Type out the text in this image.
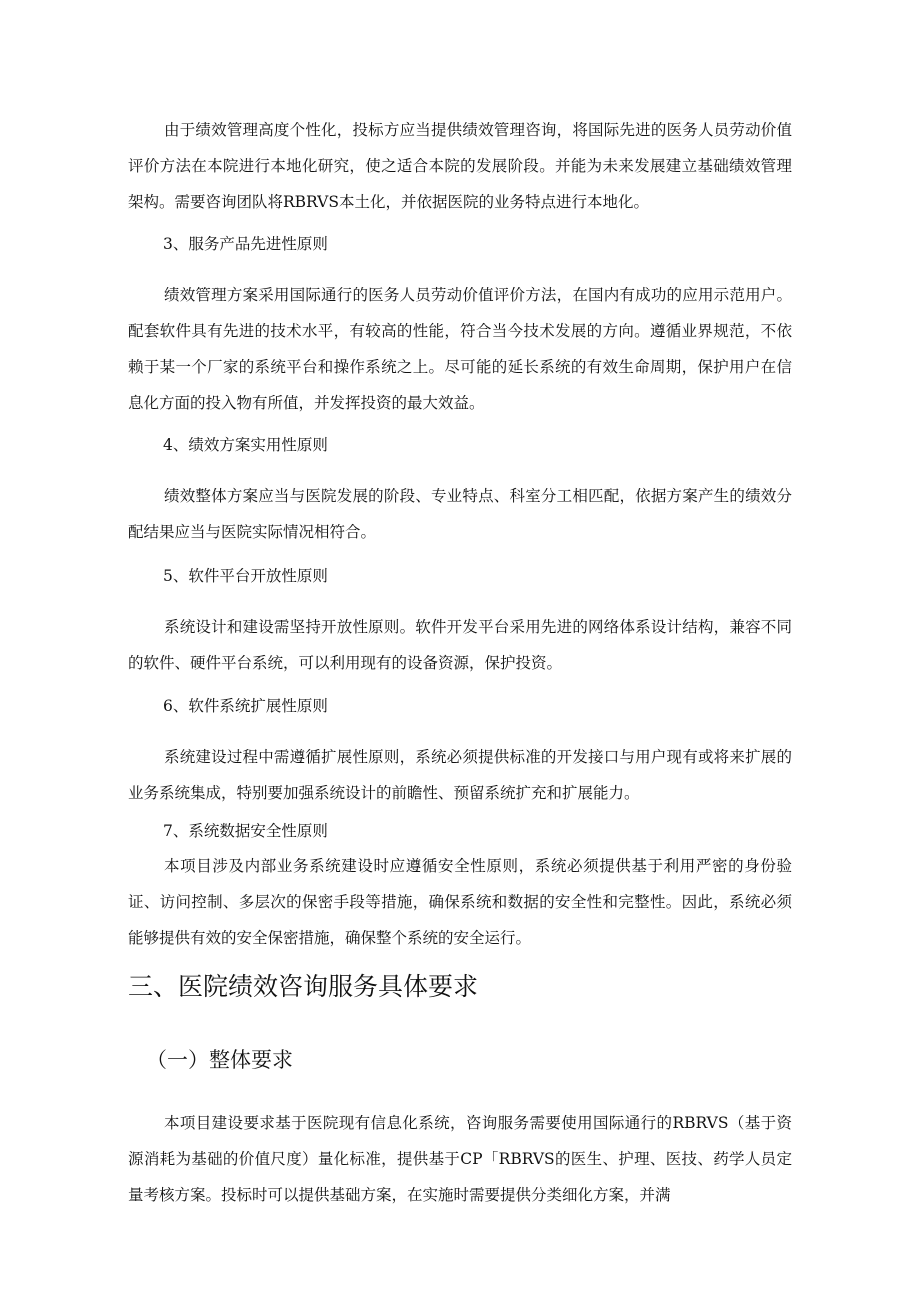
由于绩效管理高度个性化，投标方应当提供绩效管理咨询，将国际先进的医务人员劳动价值评价方法在本院进行本地化研究，使之适合本院的发展阶段。并能为未来发展建立基础绩效管理架构。需要咨询团队将RBRVS本土化，并依据医院的业务特点进行本地化。

3、服务产品先进性原则

绩效管理方案采用国际通行的医务人员劳动价值评价方法，在国内有成功的应用示范用户。配套软件具有先进的技术水平，有较高的性能，符合当今技术发展的方向。遵循业界规范，不依赖于某一个厂家的系统平台和操作系统之上。尽可能的延长系统的有效生命周期，保护用户在信息化方面的投入物有所值，并发挥投资的最大效益。

4、绩效方案实用性原则

绩效整体方案应当与医院发展的阶段、专业特点、科室分工相匹配，依据方案产生的绩效分配结果应当与医院实际情况相符合。

5、软件平台开放性原则

系统设计和建设需坚持开放性原则。软件开发平台采用先进的网络体系设计结构，兼容不同的软件、硬件平台系统，可以利用现有的设备资源，保护投资。

6、软件系统扩展性原则

系统建设过程中需遵循扩展性原则，系统必须提供标准的开发接口与用户现有或将来扩展的业务系统集成，特别要加强系统设计的前瞻性、预留系统扩充和扩展能力。

7、系统数据安全性原则

本项目涉及内部业务系统建设时应遵循安全性原则，系统必须提供基于利用严密的身份验证、访问控制、多层次的保密手段等措施，确保系统和数据的安全性和完整性。因此，系统必须能够提供有效的安全保密措施，确保整个系统的安全运行。

三、医院绩效咨询服务具体要求
（一）整体要求

本项目建设要求基于医院现有信息化系统，咨询服务需要使用国际通行的RBRVS（基于资源消耗为基础的价值尺度）量化标准，提供基于CP「RBRVS的医生、护理、医技、药学人员定量考核方案。投标时可以提供基础方案，在实施时需要提供分类细化方案，并满
